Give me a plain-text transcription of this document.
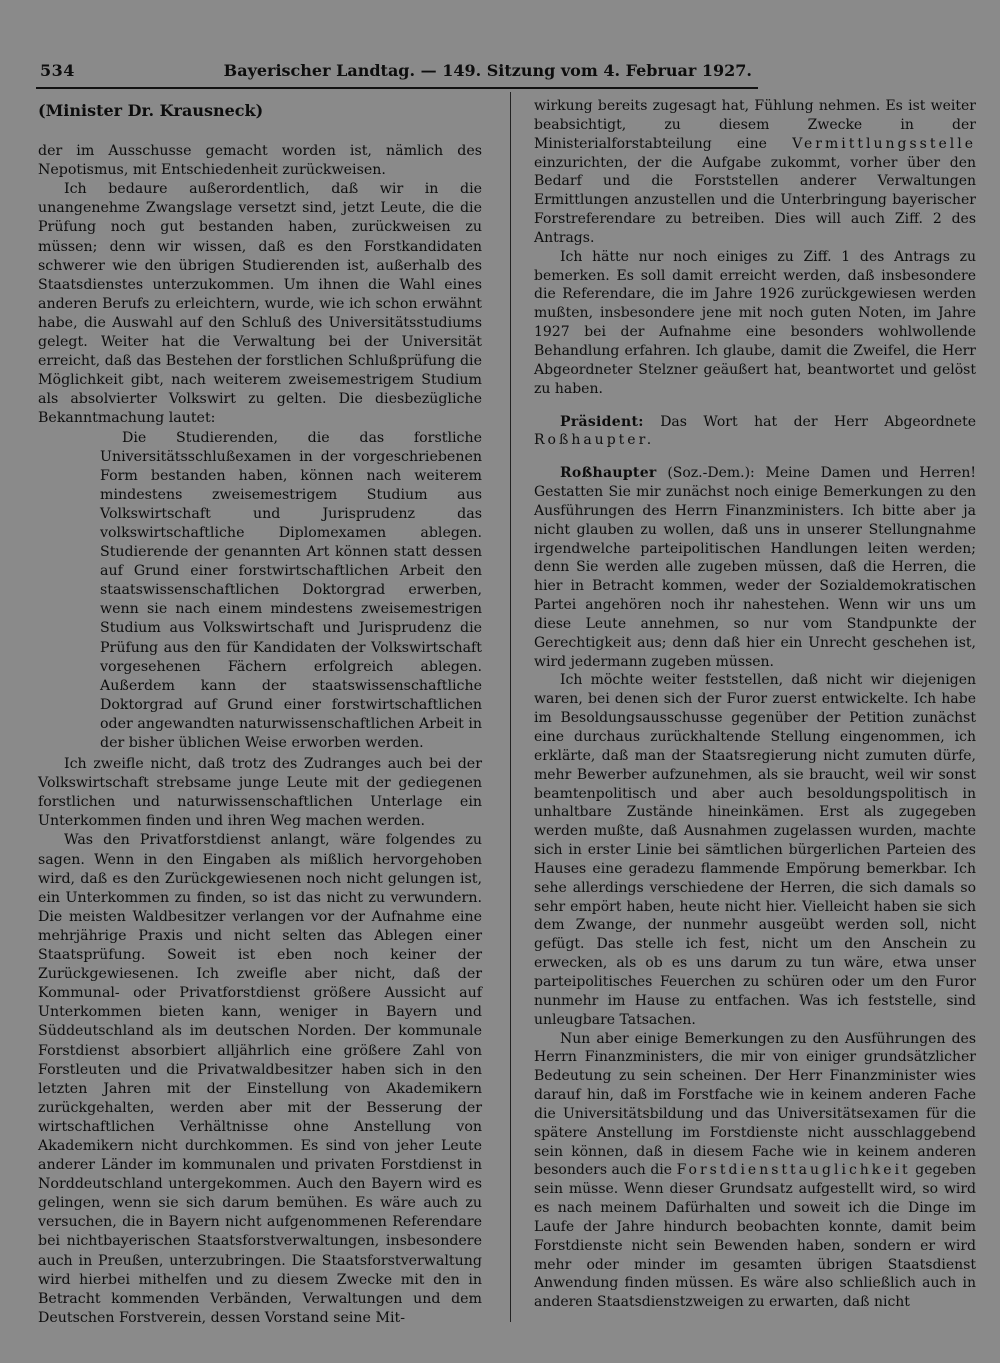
534	Bayerischer Landtag. — 149. Sitzung vom 4. Februar 1927.

(Minister Dr. Krausneck)

der im Ausschusse gemacht worden ist, nämlich des Nepotismus, mit Entschiedenheit zurückweisen.

Ich bedaure außerordentlich, daß wir in die unangenehme Zwangslage versetzt sind, jetzt Leute, die die Prüfung noch gut bestanden haben, zurückweisen zu müssen; denn wir wissen, daß es den Forstkandidaten schwerer wie den übrigen Studierenden ist, außerhalb des Staatsdienstes unterzukommen. Um ihnen die Wahl eines anderen Berufs zu erleichtern, wurde, wie ich schon erwähnt habe, die Auswahl auf den Schluß des Universitätsstudiums gelegt. Weiter hat die Verwaltung bei der Universität erreicht, daß das Bestehen der forstlichen Schlußprüfung die Möglichkeit gibt, nach weiterem zweisemestrigem Studium als absolvierter Volkswirt zu gelten. Die diesbezügliche Bekanntmachung lautet:

Die Studierenden, die das forstliche Universitätsschlußexamen in der vorgeschriebenen Form bestanden haben, können nach weiterem mindestens zweisemestrigem Studium aus Volkswirtschaft und Jurisprudenz das volkswirtschaftliche Diplomexamen ablegen. Studierende der genannten Art können statt dessen auf Grund einer forstwirtschaftlichen Arbeit den staatswissenschaftlichen Doktorgrad erwerben, wenn sie nach einem mindestens zweisemestrigen Studium aus Volkswirtschaft und Jurisprudenz die Prüfung aus den für Kandidaten der Volkswirtschaft vorgesehenen Fächern erfolgreich ablegen. Außerdem kann der staatswissenschaftliche Doktorgrad auf Grund einer forstwirtschaftlichen oder angewandten naturwissenschaftlichen Arbeit in der bisher üblichen Weise erworben werden.

Ich zweifle nicht, daß trotz des Zudranges auch bei der Volkswirtschaft strebsame junge Leute mit der gediegenen forstlichen und naturwissenschaftlichen Unterlage ein Unterkommen finden und ihren Weg machen werden.

Was den Privatforstdienst anlangt, wäre folgendes zu sagen. Wenn in den Eingaben als mißlich hervorgehoben wird, daß es den Zurückgewiesenen noch nicht gelungen ist, ein Unterkommen zu finden, so ist das nicht zu verwundern. Die meisten Waldbesitzer verlangen vor der Aufnahme eine mehrjährige Praxis und nicht selten das Ablegen einer Staatsprüfung. Soweit ist eben noch keiner der Zurückgewiesenen. Ich zweifle aber nicht, daß der Kommunal- oder Privatforstdienst größere Aussicht auf Unterkommen bieten kann, weniger in Bayern und Süddeutschland als im deutschen Norden. Der kommunale Forstdienst absorbiert alljährlich eine größere Zahl von Forstleuten und die Privatwaldbesitzer haben sich in den letzten Jahren mit der Einstellung von Akademikern zurückgehalten, werden aber mit der Besserung der wirtschaftlichen Verhältnisse ohne Anstellung von Akademikern nicht durchkommen. Es sind von jeher Leute anderer Länder im kommunalen und privaten Forstdienst in Norddeutschland untergekommen. Auch den Bayern wird es gelingen, wenn sie sich darum bemühen. Es wäre auch zu versuchen, die in Bayern nicht aufgenommenen Referendare bei nichtbayerischen Staatsforstverwaltungen, insbesondere auch in Preußen, unterzubringen. Die Staatsforstverwaltung wird hierbei mithelfen und zu diesem Zwecke mit den in Betracht kommenden Verbänden, Verwaltungen und dem Deutschen Forstverein, dessen Vorstand seine Mit-

wirkung bereits zugesagt hat, Fühlung nehmen. Es ist weiter beabsichtigt, zu diesem Zwecke in der Ministerialforstabteilung eine Vermittlungsstelle einzurichten, der die Aufgabe zukommt, vorher über den Bedarf und die Forststellen anderer Verwaltungen Ermittlungen anzustellen und die Unterbringung bayerischer Forstreferendare zu betreiben. Dies will auch Ziff. 2 des Antrags.

Ich hätte nur noch einiges zu Ziff. 1 des Antrags zu bemerken. Es soll damit erreicht werden, daß insbesondere die Referendare, die im Jahre 1926 zurückgewiesen werden mußten, insbesondere jene mit noch guten Noten, im Jahre 1927 bei der Aufnahme eine besonders wohlwollende Behandlung erfahren. Ich glaube, damit die Zweifel, die Herr Abgeordneter Stelzner geäußert hat, beantwortet und gelöst zu haben.

Präsident: Das Wort hat der Herr Abgeordnete Roßhaupter.

Roßhaupter (Soz.-Dem.): Meine Damen und Herren! Gestatten Sie mir zunächst noch einige Bemerkungen zu den Ausführungen des Herrn Finanzministers. Ich bitte aber ja nicht glauben zu wollen, daß uns in unserer Stellungnahme irgendwelche parteipolitischen Handlungen leiten werden; denn Sie werden alle zugeben müssen, daß die Herren, die hier in Betracht kommen, weder der Sozialdemokratischen Partei angehören noch ihr nahestehen. Wenn wir uns um diese Leute annehmen, so nur vom Standpunkte der Gerechtigkeit aus; denn daß hier ein Unrecht geschehen ist, wird jedermann zugeben müssen.

Ich möchte weiter feststellen, daß nicht wir diejenigen waren, bei denen sich der Furor zuerst entwickelte. Ich habe im Besoldungsausschusse gegenüber der Petition zunächst eine durchaus zurückhaltende Stellung eingenommen, ich erklärte, daß man der Staatsregierung nicht zumuten dürfe, mehr Bewerber aufzunehmen, als sie braucht, weil wir sonst beamtenpolitisch und aber auch besoldungspolitisch in unhaltbare Zustände hineinkämen. Erst als zugegeben werden mußte, daß Ausnahmen zugelassen wurden, machte sich in erster Linie bei sämtlichen bürgerlichen Parteien des Hauses eine geradezu flammende Empörung bemerkbar. Ich sehe allerdings verschiedene der Herren, die sich damals so sehr empört haben, heute nicht hier. Vielleicht haben sie sich dem Zwange, der nunmehr ausgeübt werden soll, nicht gefügt. Das stelle ich fest, nicht um den Anschein zu erwecken, als ob es uns darum zu tun wäre, etwa unser parteipolitisches Feuerchen zu schüren oder um den Furor nunmehr im Hause zu entfachen. Was ich feststelle, sind unleugbare Tatsachen.

Nun aber einige Bemerkungen zu den Ausführungen des Herrn Finanzministers, die mir von einiger grundsätzlicher Bedeutung zu sein scheinen. Der Herr Finanzminister wies darauf hin, daß im Forstfache wie in keinem anderen Fache die Universitätsbildung und das Universitätsexamen für die spätere Anstellung im Forstdienste nicht ausschlaggebend sein können, daß in diesem Fache wie in keinem anderen besonders auch die Forstdiensttauglichkeit gegeben sein müsse. Wenn dieser Grundsatz aufgestellt wird, so wird es nach meinem Dafürhalten und soweit ich die Dinge im Laufe der Jahre hindurch beobachten konnte, damit beim Forstdienste nicht sein Bewenden haben, sondern er wird mehr oder minder im gesamten übrigen Staatsdienst Anwendung finden müssen. Es wäre also schließlich auch in anderen Staatsdienstzweigen zu erwarten, daß nicht
